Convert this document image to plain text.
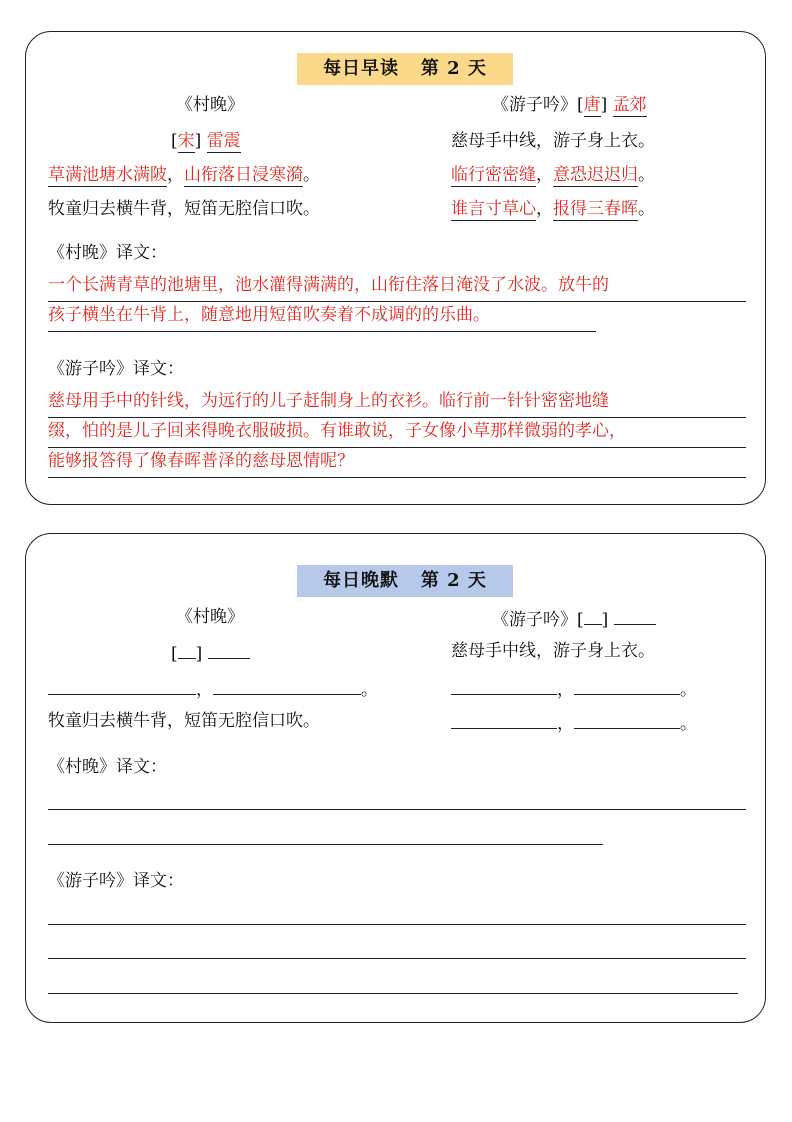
每日早读   第 2 天
《村晚》	《游子吟》[唐] 孟郊
[宋] 雷震	慈母手中线，游子身上衣。
草满池塘水满陂，山衔落日浸寒漪。	临行密密缝，意恐迟迟归。
牧童归去横牛背，短笛无腔信口吹。	谁言寸草心，报得三春晖。
《村晚》译文：
一个长满青草的池塘里，池水灌得满满的，山衔住落日淹没了水波。放牛的
孩子横坐在牛背上，随意地用短笛吹奏着不成调的的乐曲。
《游子吟》译文：
慈母用手中的针线，为远行的儿子赶制身上的衣衫。临行前一针针密密地缝
缀，怕的是儿子回来得晚衣服破损。有谁敢说，子女像小草那样微弱的孝心，
能够报答得了像春晖普泽的慈母恩情呢？
每日晚默   第 2 天
《村晚》	《游子吟》[ ]
[ ]	慈母手中线，游子身上衣。
，	。	，	。
牧童归去横牛背，短笛无腔信口吹。	，	。
《村晚》译文：
《游子吟》译文：
